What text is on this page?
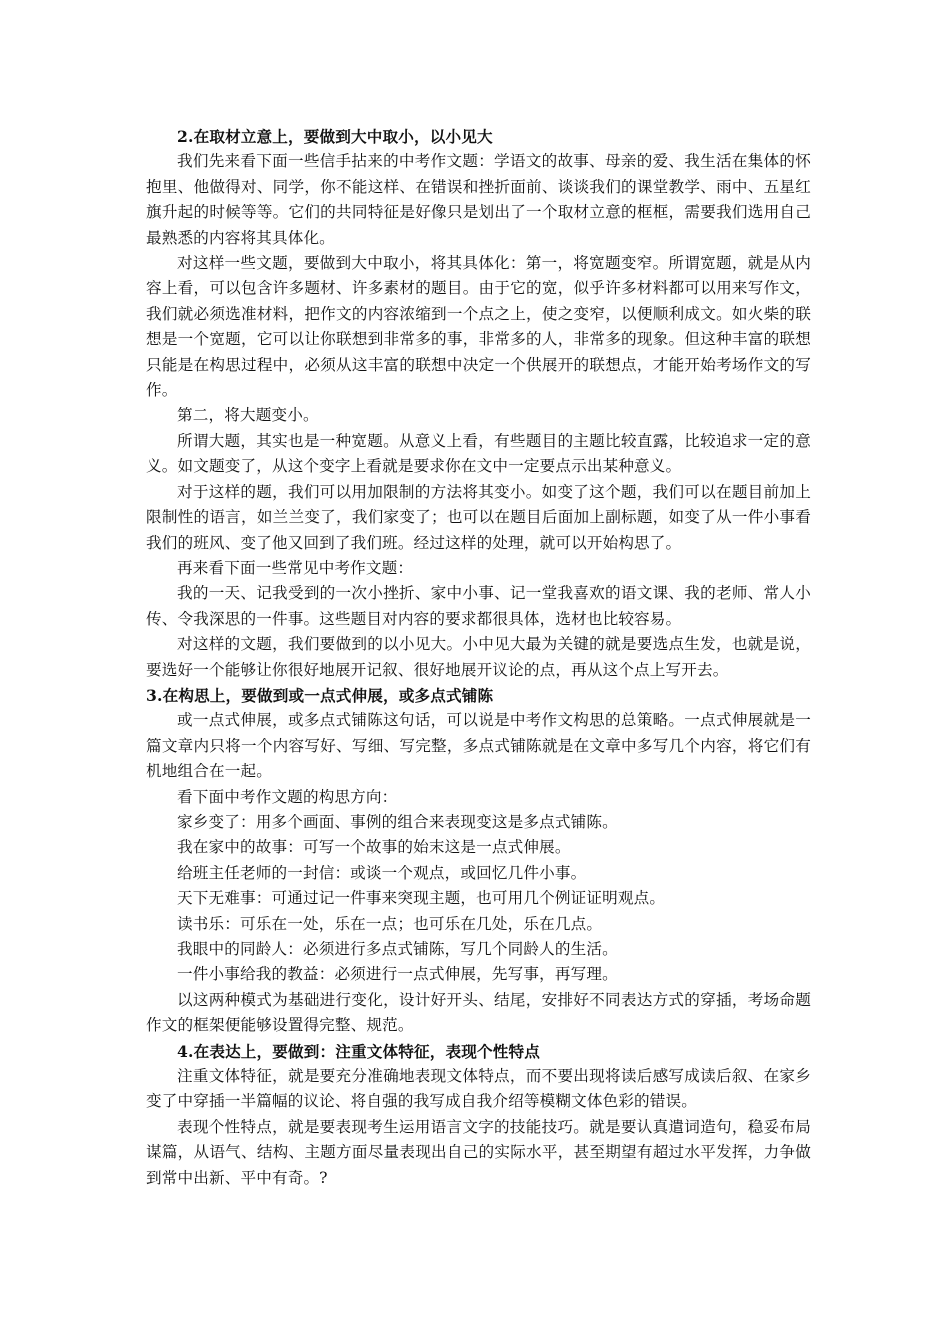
2.在取材立意上，要做到大中取小，以小见大

我们先来看下面一些信手拈来的中考作文题：学语文的故事、母亲的爱、我生活在集体的怀抱里、他做得对、同学，你不能这样、在错误和挫折面前、谈谈我们的课堂教学、雨中、五星红旗升起的时候等等。它们的共同特征是好像只是划出了一个取材立意的框框，需要我们选用自己最熟悉的内容将其具体化。

对这样一些文题，要做到大中取小，将其具体化：第一，将宽题变窄。所谓宽题，就是从内容上看，可以包含许多题材、许多素材的题目。由于它的宽，似乎许多材料都可以用来写作文，我们就必须选准材料，把作文的内容浓缩到一个点之上，使之变窄，以便顺利成文。如火柴的联想是一个宽题，它可以让你联想到非常多的事，非常多的人，非常多的现象。但这种丰富的联想只能是在构思过程中，必须从这丰富的联想中决定一个供展开的联想点，才能开始考场作文的写作。

第二，将大题变小。

所谓大题，其实也是一种宽题。从意义上看，有些题目的主题比较直露，比较追求一定的意义。如文题变了，从这个变字上看就是要求你在文中一定要点示出某种意义。

对于这样的题，我们可以用加限制的方法将其变小。如变了这个题，我们可以在题目前加上限制性的语言，如兰兰变了，我们家变了；也可以在题目后面加上副标题，如变了从一件小事看我们的班风、变了他又回到了我们班。经过这样的处理，就可以开始构思了。

再来看下面一些常见中考作文题：

我的一天、记我受到的一次小挫折、家中小事、记一堂我喜欢的语文课、我的老师、常人小传、令我深思的一件事。这些题目对内容的要求都很具体，选材也比较容易。

对这样的文题，我们要做到的以小见大。小中见大最为关键的就是要选点生发，也就是说，要选好一个能够让你很好地展开记叙、很好地展开议论的点，再从这个点上写开去。

3.在构思上，要做到或一点式伸展，或多点式铺陈

或一点式伸展，或多点式铺陈这句话，可以说是中考作文构思的总策略。一点式伸展就是一篇文章内只将一个内容写好、写细、写完整，多点式铺陈就是在文章中多写几个内容，将它们有机地组合在一起。

看下面中考作文题的构思方向：

家乡变了：用多个画面、事例的组合来表现变这是多点式铺陈。

我在家中的故事：可写一个故事的始末这是一点式伸展。

给班主任老师的一封信：或谈一个观点，或回忆几件小事。

天下无难事：可通过记一件事来突现主题，也可用几个例证证明观点。

读书乐：可乐在一处，乐在一点；也可乐在几处，乐在几点。

我眼中的同龄人：必须进行多点式铺陈，写几个同龄人的生活。

一件小事给我的教益：必须进行一点式伸展，先写事，再写理。

以这两种模式为基础进行变化，设计好开头、结尾，安排好不同表达方式的穿插，考场命题作文的框架便能够设置得完整、规范。

4.在表达上，要做到：注重文体特征，表现个性特点

注重文体特征，就是要充分准确地表现文体特点，而不要出现将读后感写成读后叙、在家乡变了中穿插一半篇幅的议论、将自强的我写成自我介绍等模糊文体色彩的错误。

表现个性特点，就是要表现考生运用语言文字的技能技巧。就是要认真遣词造句，稳妥布局谋篇，从语气、结构、主题方面尽量表现出自己的实际水平，甚至期望有超过水平发挥，力争做到常中出新、平中有奇。?
